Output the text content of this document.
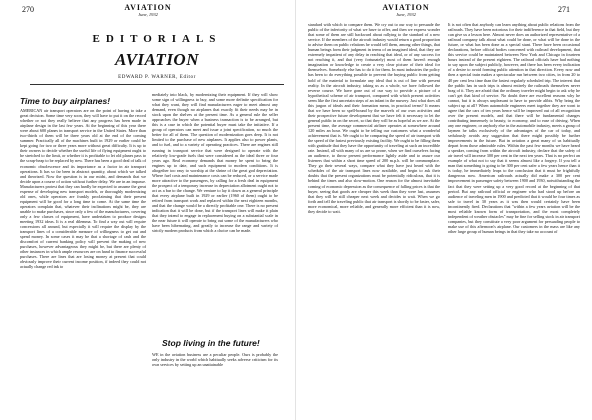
270	AVIATION
June, 1932
EDITORIALS
AVIATION
EDWARD P. WARNER, Editor
Time to buy airplanes!

AMERICAN air transport operators are on the point of having to take a great decision. Some time very soon, they will have to put it on the record whether or not they really believe that any progress has been made in airplane design in the last few years. At the beginning of this year there were about 600 planes in transport service in the United States. More than two-thirds of them will be three years old at the end of the coming summer. Practically all of the machines built in 1929 or earlier could be kept going for two or three years more without great difficulty. It is up to their owners to decide whether the useful life of flying equipment ought to be stretched to the limit, or whether it is profitable to let old planes pass to the scrap-heap to be replaced by new. There has been a good deal of talk of economic obsolescence and its importance as a factor in air transport operations. It has so far been in abstract quantity, about which we talked and theorized. Now the question is in our midst, and demands that we decide upon a course of action without further delay. We are in an impasse. Manufacturers protest that they can hardly be expected to assume the great expense of developing new transport models, or thoroughly modernizing old ones, while operators are frankly proclaiming that their present equipment will be good for a long time to come. At the same time the operators complain that, whatever their inclinations might be, they are unable to make purchases, since only a few of the manufacturers, covering only a few classes of equipment, have undertaken to produce designs meeting 1932 ideas. It is a real dilemma. To find a way out will require concessions all around, but especially it will require the display by the transport lines of a considerable measure of willingness to get out and spend money. In some cases it may be that a shortage of cash and the discomfort of current banking policy will prevent the making of new purchases, however advantageous they might be, but there are plenty of other instances in which ample resources are on hand to finance successful purchases. There are lines that are losing money at present that could obviously improve their current income position, if indeed they could not actually change red ink to

mediately into black, by modernizing their equipment. If they will show some sign of willingness to buy, and some more definite specification for what they want, they will find manufacturers eager to meet almost any demand, even though no airplanes that exactly fit their needs may be in stock upon the shelves at the present time. As a general rule the seller approaches the buyer when a business transaction is to be arranged, but this is a case in which the potential buyer must take the initiative. If a group of operators can meet and issue a joint specification, so much the better for all of them. The question of modernization goes deep. It is not limited to the purchase of new airplanes. It applies also to power plants, and to fuel, and to a variety of operating practices. There are engines still running in transport service that were designed to operate with the relatively low-grade fuels that were considered as the ideal three or four years ago. Real economy demands that money be spent to bring the engines up to date, and such equipment to modern conditions. It is altogether too easy to worship at the shrine of the great god depreciation. Where fuel costs and maintenance costs can be reduced, or a service made more attractive to the passengers, by calling for a fresh deal in equipment the prospect of a temporary increase in depreciation allotment ought not to act as a bar to the change. We venture to lay it down as a general principle that every airplane built in 1929 or earlier (1960 of them) ought to be retired from transport work and replaced within the next eighteen months, and that the change would be a directly profitable one. There is no present indication that it will be done, but if the transport lines will make it plain that they intend to engage in replacement buying on a substantial scale in the near future it will operate to bring out some of the manufacturers who have been hibernating, and greatly to increase the range and variety of strictly modern products from which a choice can be made.

Stop living in the future!

WE in the aviation business are a peculiar people. Ours is probably the only industry in the world which habitually seeks adverse criticism for its own services by setting up an unattainable

AVIATION
June, 1932
271

standard with which to compare them. We cry out to our way to persuade the public of the inferiority of what we have to offer, and then we express wonder that some of them are still backward about rallying to the standard of a new service. If the members of the aircraft industry would return a good proportion to advise them on public relations he would tell them, among other things, that human beings form their judgment in terms of an imagined ideal, that they are extremely impatient of any delay in reaching that ideal, or of any success for not reaching it, and that (very fortunately) most of them haven't enough imagination or knowledge to create a very clear picture of their ideal for themselves. Somebody else has to do it for them. In most industries the policy has been to do everything possible to prevent the buying public from getting hold of the material to formulate any ideal that is out of line with present reality. In the aircraft industry, taking us as a whole, we have followed the reverse course. We have gone out of our way to provide a picture of a hypothetical scheme of air transport, compared with which present activities seem like the first uncertain steps of an infant in the nursery. Just what does all this jargon of ideals and their formation mean, in practical terms? It means that we have been so spell-bound by the marvels of our own activities and their prospective future development that we have felt it necessary to let the general public in on the secret, so that they will be as hopeful as we are. At the present time, the average commercial airliner operates at somewhere around 120 miles an hour. We ought to be telling our customers what a wonderful achievement that is. We ought to be comparing the speed of air transport with the speed of the fastest previously existing facility. We ought to be filling them with gratitude that they have the opportunity of traveling at such an incredible rate. Instead, all with many of us are so prone, when we find ourselves facing an audience, to throw present performance lightly aside and to assure our listeners that within a short time speed of 200 m.p.h. will be commonplace. They go their several ways, compare what they have just heard with the schedules of the air transport lines now available, and begin to ask their doubts that the present organizations must be potentially ridiculous, that it is behind the times and also slow-motion. One reason for the almost inevitable coming of economic depression as the consequence of falling prices is that the buyer, seeing that goods are cheaper this week than they were last, assumes that they will be still cheaper next week and decides to wait. When we go forth and tell the traveling public that air transport is shortly to be faster, safer, more economical, more reliable, and generally more efficient than it is now, they decide to wait.

It is not often that anybody can learn anything about public relations from the railroads. They have been notorious for their indifference in that field, but they can give us a lesson here. Almost never does an authorized representative of a railroad company talk about what could be done, or what will be done in the future, or what has been done as a special stunt. There have been occasional declarations, before official bodies concerned with railroad development, that this service could be maintained between New York and Chicago in fourteen hours instead of the present eighteen. The railroad officials have had nothing to say upon the subject publicly, however, and there has been every indication of a desire to avoid forming public attention in that direction. Every now and then a special train makes a spectacular run between two cities, in from 20 to 40 per cent less time than the fastest regularly scheduled trip. The interest that the public has in such trips is almost entirely the railroads themselves never brag of it. They are afraid that the ordinary traveler might begin to ask why he can't get that kind of service. No doubt there are excellent reasons why he cannot, but it is always unpleasant to have to provide alibis. Why bring the subject up at all? When automobile engineers meet together they are wont to agree that the cars of ten years hence will be improved out of all recognition over the present models, and that there will be fundamental changes contributing immensely to beauty, to economy, and to ease of driving. When any one engineer, or anybody else in the automobile industry, meets a group of laymen he talks exclusively of the advantages of the car of today, and sedulously avoids any suggestion that there might possibly be further improvements in the future. But in aviation a great many of us habitually depart from those admirable rules. Within the past few months we have heard a speaker, coming from within the aircraft industry, declare that the safety of air travel will increase 300 per cent in the next ten years. That is no perfect an example of what not to say that it seems almost like a forgery. If you tell a man that something is going to be 300 per cent safer a few years hence than it is today, he immediately leaps to the conclusion that it must be frightfully dangerous now. American railroads actually did make a 300 per cent improvement in passenger safety between 1900 and 1930, notwithstanding the fact that they were setting up a very good record at the beginning of that period. But any railroad official or engineer who had stood up before an audience of traveling men in 1900 and predicted that it would be four times as safe to travel in 30 years as it was then would certainly have been incontinently fired. Declarations that "within a few years aviation will be the most reliable known form of transportation, and the most completely independent of weather obstacles" may be fine for selling stock in air transport companies, but they constitute a very poor argument for persuading people to make use of this afternoon's airplane. Our customers in the mass are like any other large group of human beings in that they take no account of
